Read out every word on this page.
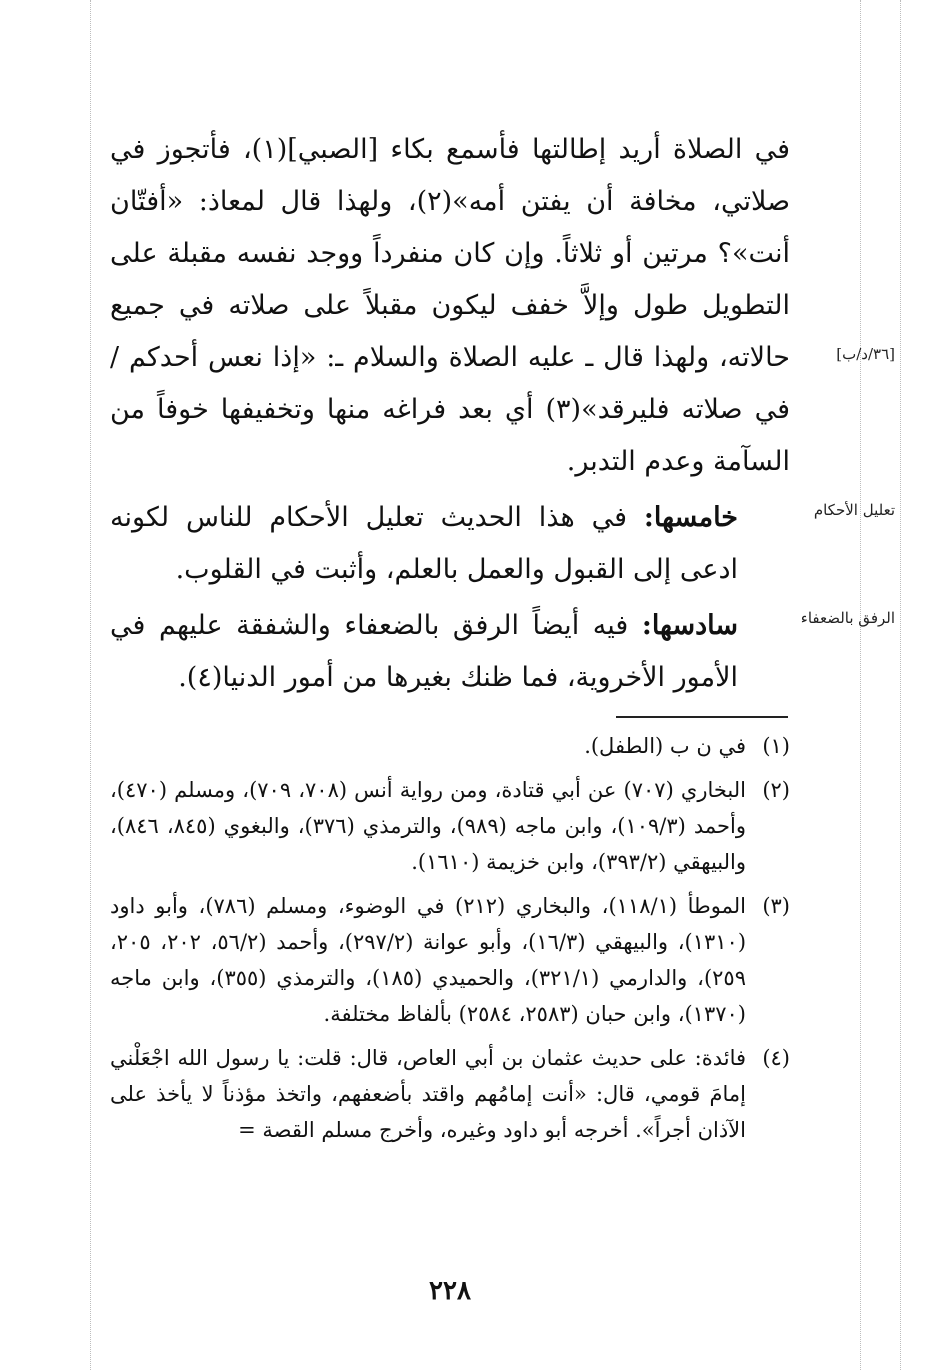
في الصلاة أريد إطالتها فأسمع بكاء [الصبي](١)، فأتجوز في صلاتي، مخافة أن يفتن أمه»(٢)، ولهذا قال لمعاذ: «أفتّان أنت»؟ مرتين أو ثلاثاً. وإن كان منفرداً ووجد نفسه مقبلة على التطويل طول وإلاَّ خفف ليكون مقبلاً على صلاته في جميع حالاته، ولهذا قال ـ عليه الصلاة والسلام ـ: «إذا نعس أحدكم / في صلاته فليرقد»(٣) أي بعد فراغه منها وتخفيفها خوفاً من السآمة وعدم التدبر.

خامسها: في هذا الحديث تعليل الأحكام للناس لكونه ادعى إلى القبول والعمل بالعلم، وأثبت في القلوب.

سادسها: فيه أيضاً الرفق بالضعفاء والشفقة عليهم في الأمور الأخروية، فما ظنك بغيرها من أمور الدنيا(٤).

[٣٦/د/ب]
تعليل الأحكام
الرفق بالضعفاء
(١)
في ن ب (الطفل).
(٢)
البخاري (٧٠٧) عن أبي قتادة، ومن رواية أنس (٧٠٨، ٧٠٩)، ومسلم (٤٧٠)، وأحمد (١٠٩/٣)، وابن ماجه (٩٨٩)، والترمذي (٣٧٦)، والبغوي (٨٤٥، ٨٤٦)، والبيهقي (٣٩٣/٢)، وابن خزيمة (١٦١٠).
(٣)
الموطأ (١١٨/١)، والبخاري (٢١٢) في الوضوء، ومسلم (٧٨٦)، وأبو داود (١٣١٠)، والبيهقي (١٦/٣)، وأبو عوانة (٢٩٧/٢)، وأحمد (٥٦/٢، ٢٠٢، ٢٠٥، ٢٥٩)، والدارمي (٣٢١/١)، والحميدي (١٨٥)، والترمذي (٣٥٥)، وابن ماجه (١٣٧٠)، وابن حبان (٢٥٨٣، ٢٥٨٤) بألفاظ مختلفة.
(٤)
فائدة: على حديث عثمان بن أبي العاص، قال: قلت: يا رسول الله اجْعَلْني إمامَ قومي، قال: «أنت إمامُهم واقتد بأضعفهم، واتخذ مؤذناً لا يأخذ على الآذان أجراً». أخرجه أبو داود وغيره، وأخرج مسلم القصة =
٢٢٨
